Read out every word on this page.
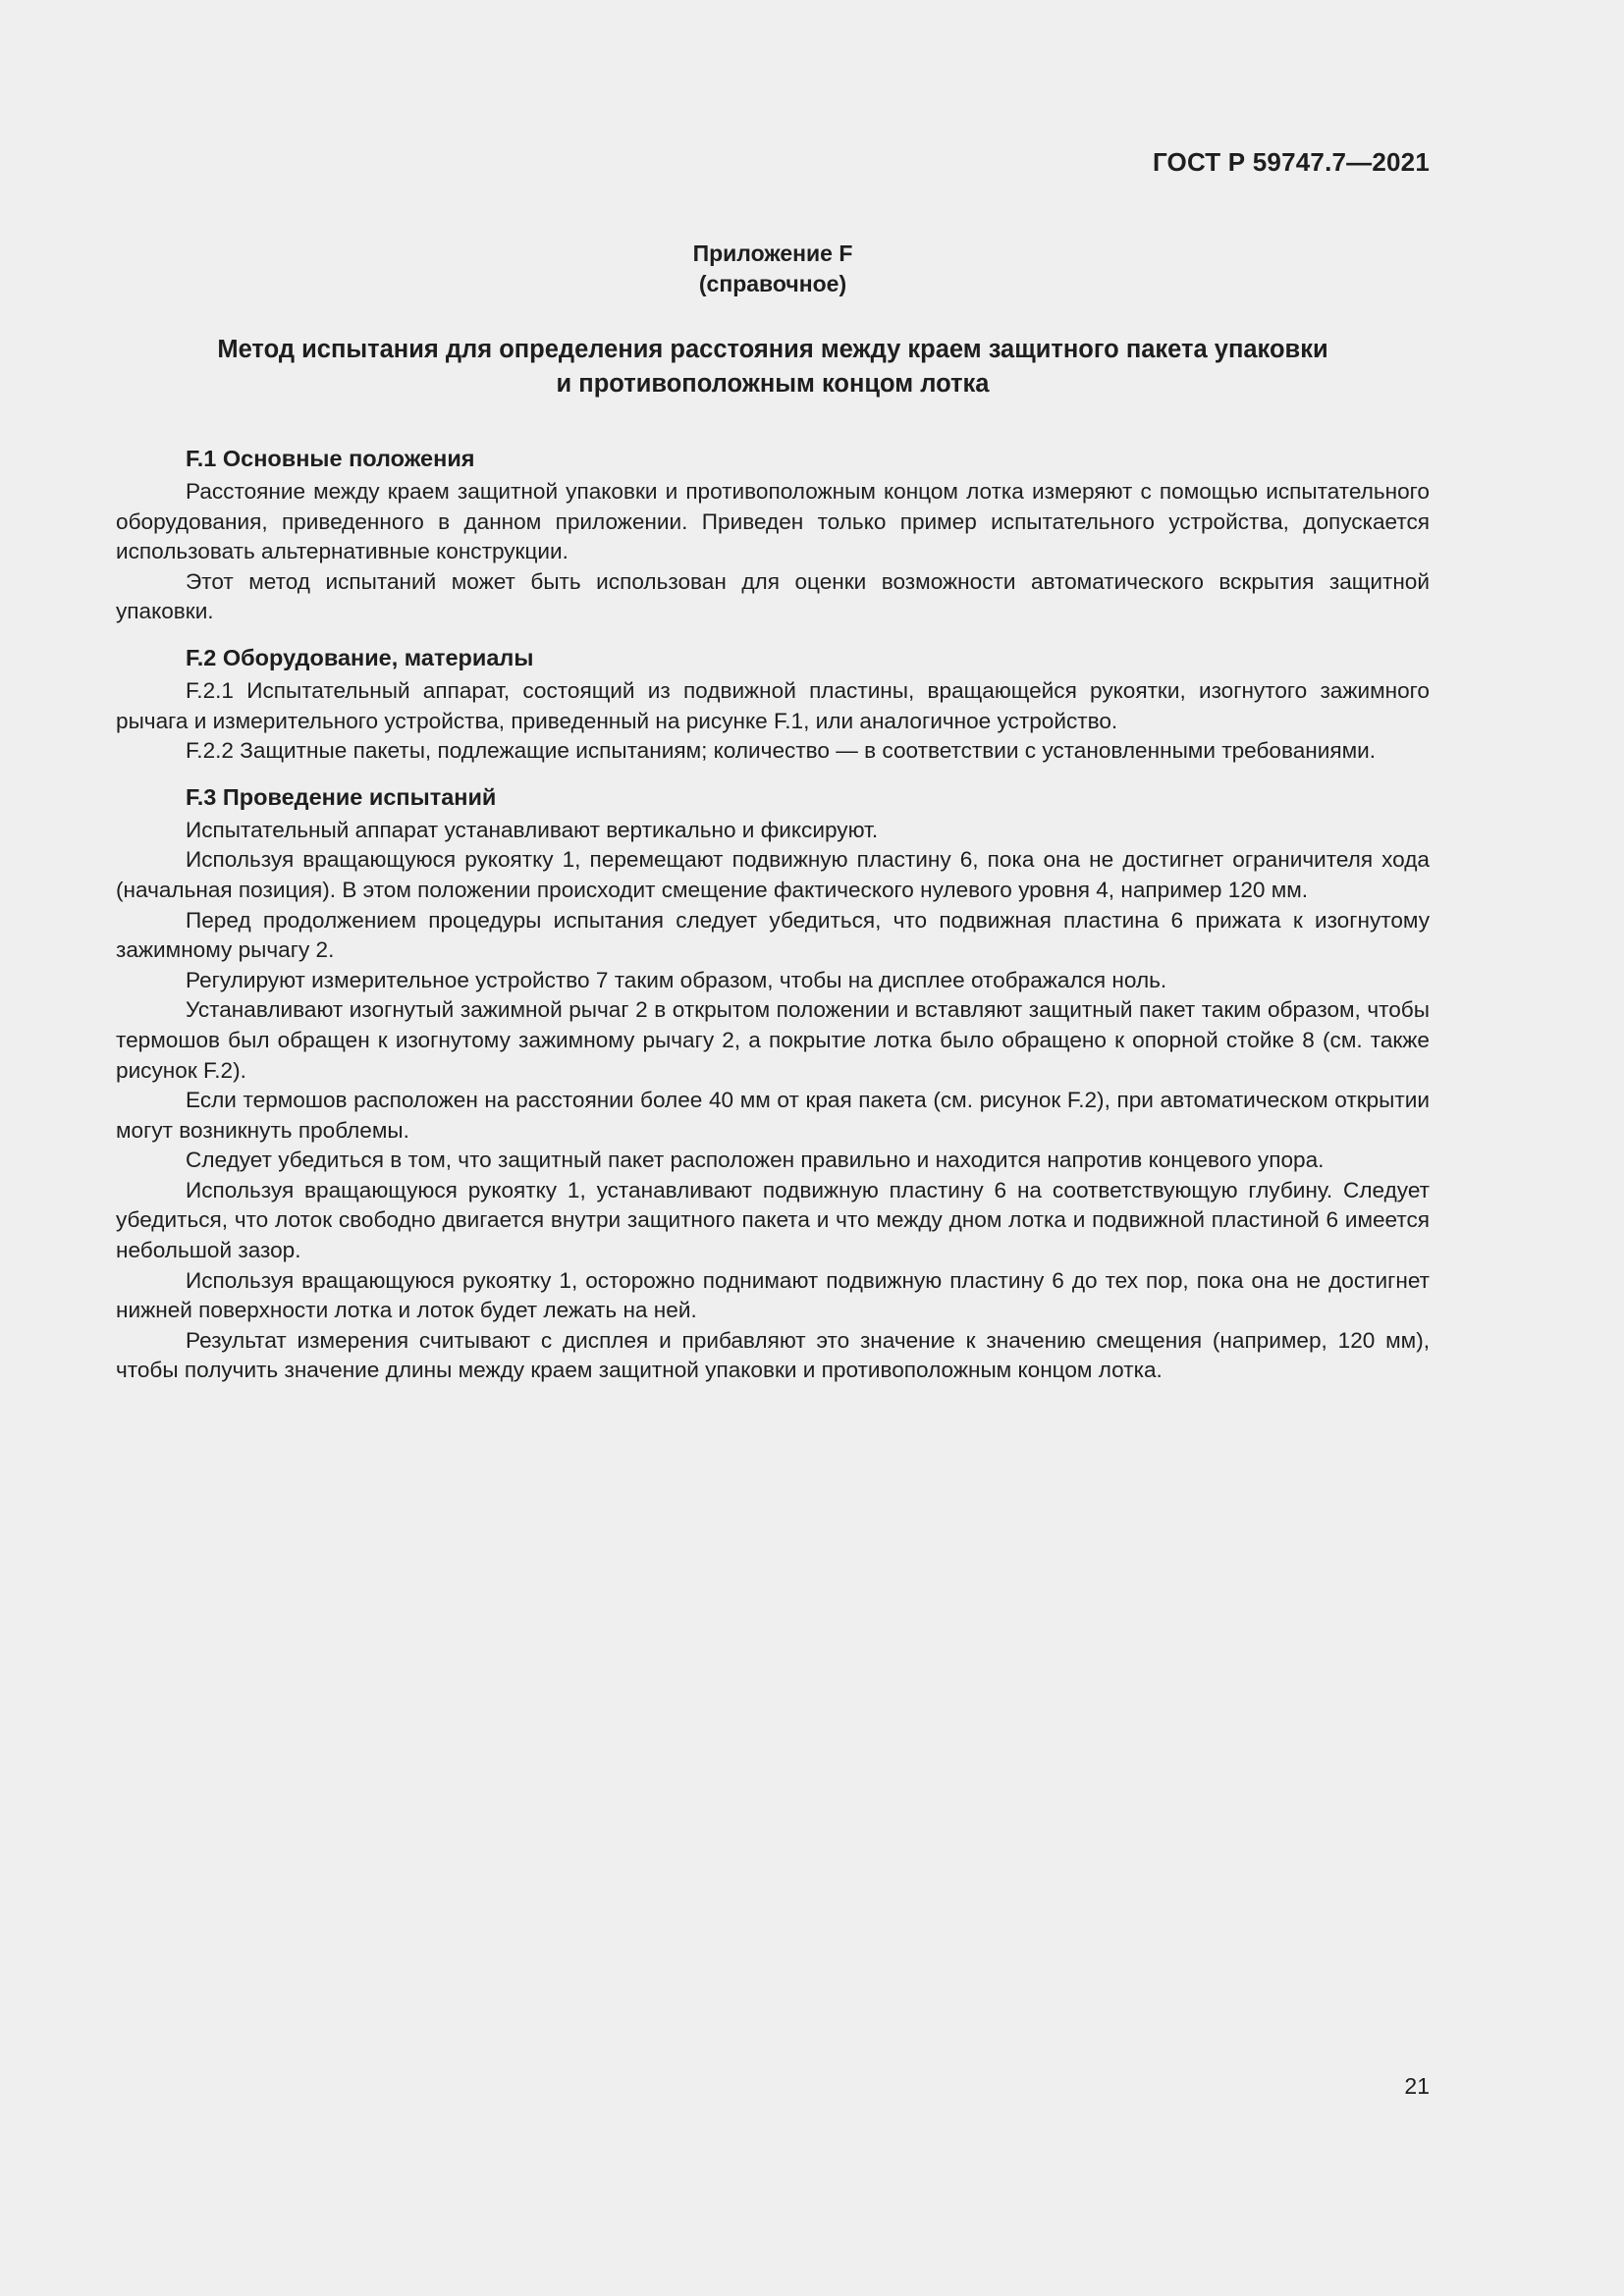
ГОСТ Р 59747.7—2021
Приложение F
(справочное)
Метод испытания для определения расстояния между краем защитного пакета упаковки
и противоположным концом лотка
F.1 Основные положения

Расстояние между краем защитной упаковки и противоположным концом лотка измеряют с помощью испытательного оборудования, приведенного в данном приложении. Приведен только пример испытательного устройства, допускается использовать альтернативные конструкции.

Этот метод испытаний может быть использован для оценки возможности автоматического вскрытия защитной упаковки.

F.2 Оборудование, материалы

F.2.1 Испытательный аппарат, состоящий из подвижной пластины, вращающейся рукоятки, изогнутого зажимного рычага и измерительного устройства, приведенный на рисунке F.1, или аналогичное устройство.

F.2.2 Защитные пакеты, подлежащие испытаниям; количество — в соответствии с установленными требованиями.

F.3 Проведение испытаний

Испытательный аппарат устанавливают вертикально и фиксируют.

Используя вращающуюся рукоятку 1, перемещают подвижную пластину 6, пока она не достигнет ограничителя хода (начальная позиция). В этом положении происходит смещение фактического нулевого уровня 4, например 120 мм.

Перед продолжением процедуры испытания следует убедиться, что подвижная пластина 6 прижата к изогнутому зажимному рычагу 2.

Регулируют измерительное устройство 7 таким образом, чтобы на дисплее отображался ноль.

Устанавливают изогнутый зажимной рычаг 2 в открытом положении и вставляют защитный пакет таким образом, чтобы термошов был обращен к изогнутому зажимному рычагу 2, а покрытие лотка было обращено к опорной стойке 8 (см. также рисунок F.2).

Если термошов расположен на расстоянии более 40 мм от края пакета (см. рисунок F.2), при автоматическом открытии могут возникнуть проблемы.

Следует убедиться в том, что защитный пакет расположен правильно и находится напротив концевого упора.

Используя вращающуюся рукоятку 1, устанавливают подвижную пластину 6 на соответствующую глубину. Следует убедиться, что лоток свободно двигается внутри защитного пакета и что между дном лотка и подвижной пластиной 6 имеется небольшой зазор.

Используя вращающуюся рукоятку 1, осторожно поднимают подвижную пластину 6 до тех пор, пока она не достигнет нижней поверхности лотка и лоток будет лежать на ней.

Результат измерения считывают с дисплея и прибавляют это значение к значению смещения (например, 120 мм), чтобы получить значение длины между краем защитной упаковки и противоположным концом лотка.

21
